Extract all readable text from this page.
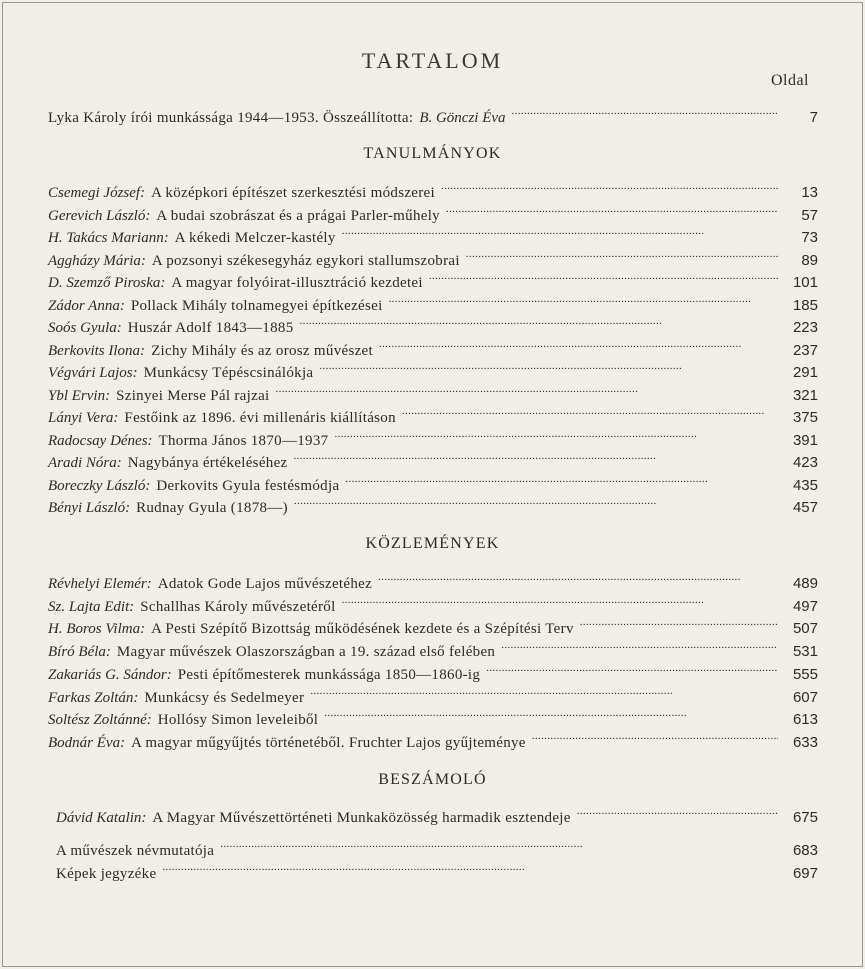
TARTALOM
Oldal
Lyka Károly írói munkássága 1944—1953. Összeállította: B. Gönczi Éva . . .	7
TANULMÁNYOK
KÖZLEMÉNYEK
BESZÁMOLÓ
Csemegi József: A középkori építészet szerkesztési módszerei . . .	13
Gerevich László: A budai szobrászat és a prágai Parler-műhely . . .	57
H. Takács Mariann: A kékedi Melczer-kastély . . .	73
Aggházy Mária: A pozsonyi székesegyház egykori stallumszobrai . . .	89
D. Szemző Piroska: A magyar folyóirat-illusztráció kezdetei . . .	101
Zádor Anna: Pollack Mihály tolnamegyei építkezései . . .	185
Soós Gyula: Huszár Adolf 1843—1885 . . .	223
Berkovits Ilona: Zichy Mihály és az orosz művészet . . .	237
Végvári Lajos: Munkácsy Tépéscsinálókja . . .	291
Ybl Ervin: Szinyei Merse Pál rajzai . . .	321
Lányi Vera: Festőink az 1896. évi millenáris kiállításon . . .	375
Radocsay Dénes: Thorma János 1870—1937 . . .	391
Aradi Nóra: Nagybánya értékeléséhez . . .	423
Boreczky László: Derkovits Gyula festésmódja . . .	435
Bényi László: Rudnay Gyula (1878—) . . .	457
Révhelyi Elemér: Adatok Gode Lajos művészetéhez . . .	489
Sz. Lajta Edit: Schallhas Károly művészetéről . . .	497
H. Boros Vilma: A Pesti Szépítő Bizottság működésének kezdete és a Szépítési Terv . . .	507
Bíró Béla: Magyar művészek Olaszországban a 19. század első felében . . .	531
Zakariás G. Sándor: Pesti építőmesterek munkássága 1850—1860-ig . . .	555
Farkas Zoltán: Munkácsy és Sedelmeyer . . .	607
Soltész Zoltánné: Hollósy Simon leveleiből . . .	613
Bodnár Éva: A magyar műgyűjtés történetéből. Fruchter Lajos gyűjteménye . . .	633
Dávid Katalin: A Magyar Művészettörténeti Munkaközösség harmadik esztendeje . . .	675
A művészek névmutatója . . .	683
Képek jegyzéke . . .	697
